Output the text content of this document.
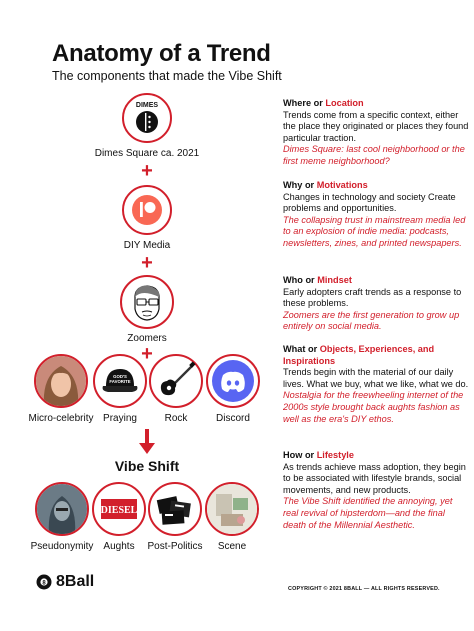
Anatomy of a Trend
The components that made the Vibe Shift
DIMES
Dimes Square ca. 2021
+
DIY Media
+
Zoomers
+
Micro-celebrity
GOD'S
FAVORITE
Praying	Rock	Discord
Vibe Shift
Pseudonymity
DIESEL
Aughts Post-Politics Scene
Where or Location
Trends come from a specific context, either the place they originated or places they found particular traction.
Dimes Square: last cool neighborhood or the first meme neighborhood?
Why or Motivations
Changes in technology and society Create problems and opportunities.
The collapsing trust in mainstream media led to an explosion of indie media: podcasts, newsletters, zines, and printed newspapers.
Who or Mindset
Early adopters craft trends as a response to these problems.
Zoomers are the first generation to grow up entirely on social media.
What or Objects, Experiences, and Inspirations
Trends begin with the material of our daily lives. What we buy, what we like, what we do.
Nostalgia for the freewheeling internet of the 2000s style brought back aughts fashion as well as the era's DIY ethos.
How or Lifestyle
As trends achieve mass adoption, they begin to be associated with lifestyle brands, social movements, and new products.
The Vibe Shift identified the annoying, yet real revival of hipsterdom—and the final death of the Millennial Aesthetic.
8 8Ball	COPYRIGHT © 2021 8BALL — ALL RIGHTS RESERVED.
